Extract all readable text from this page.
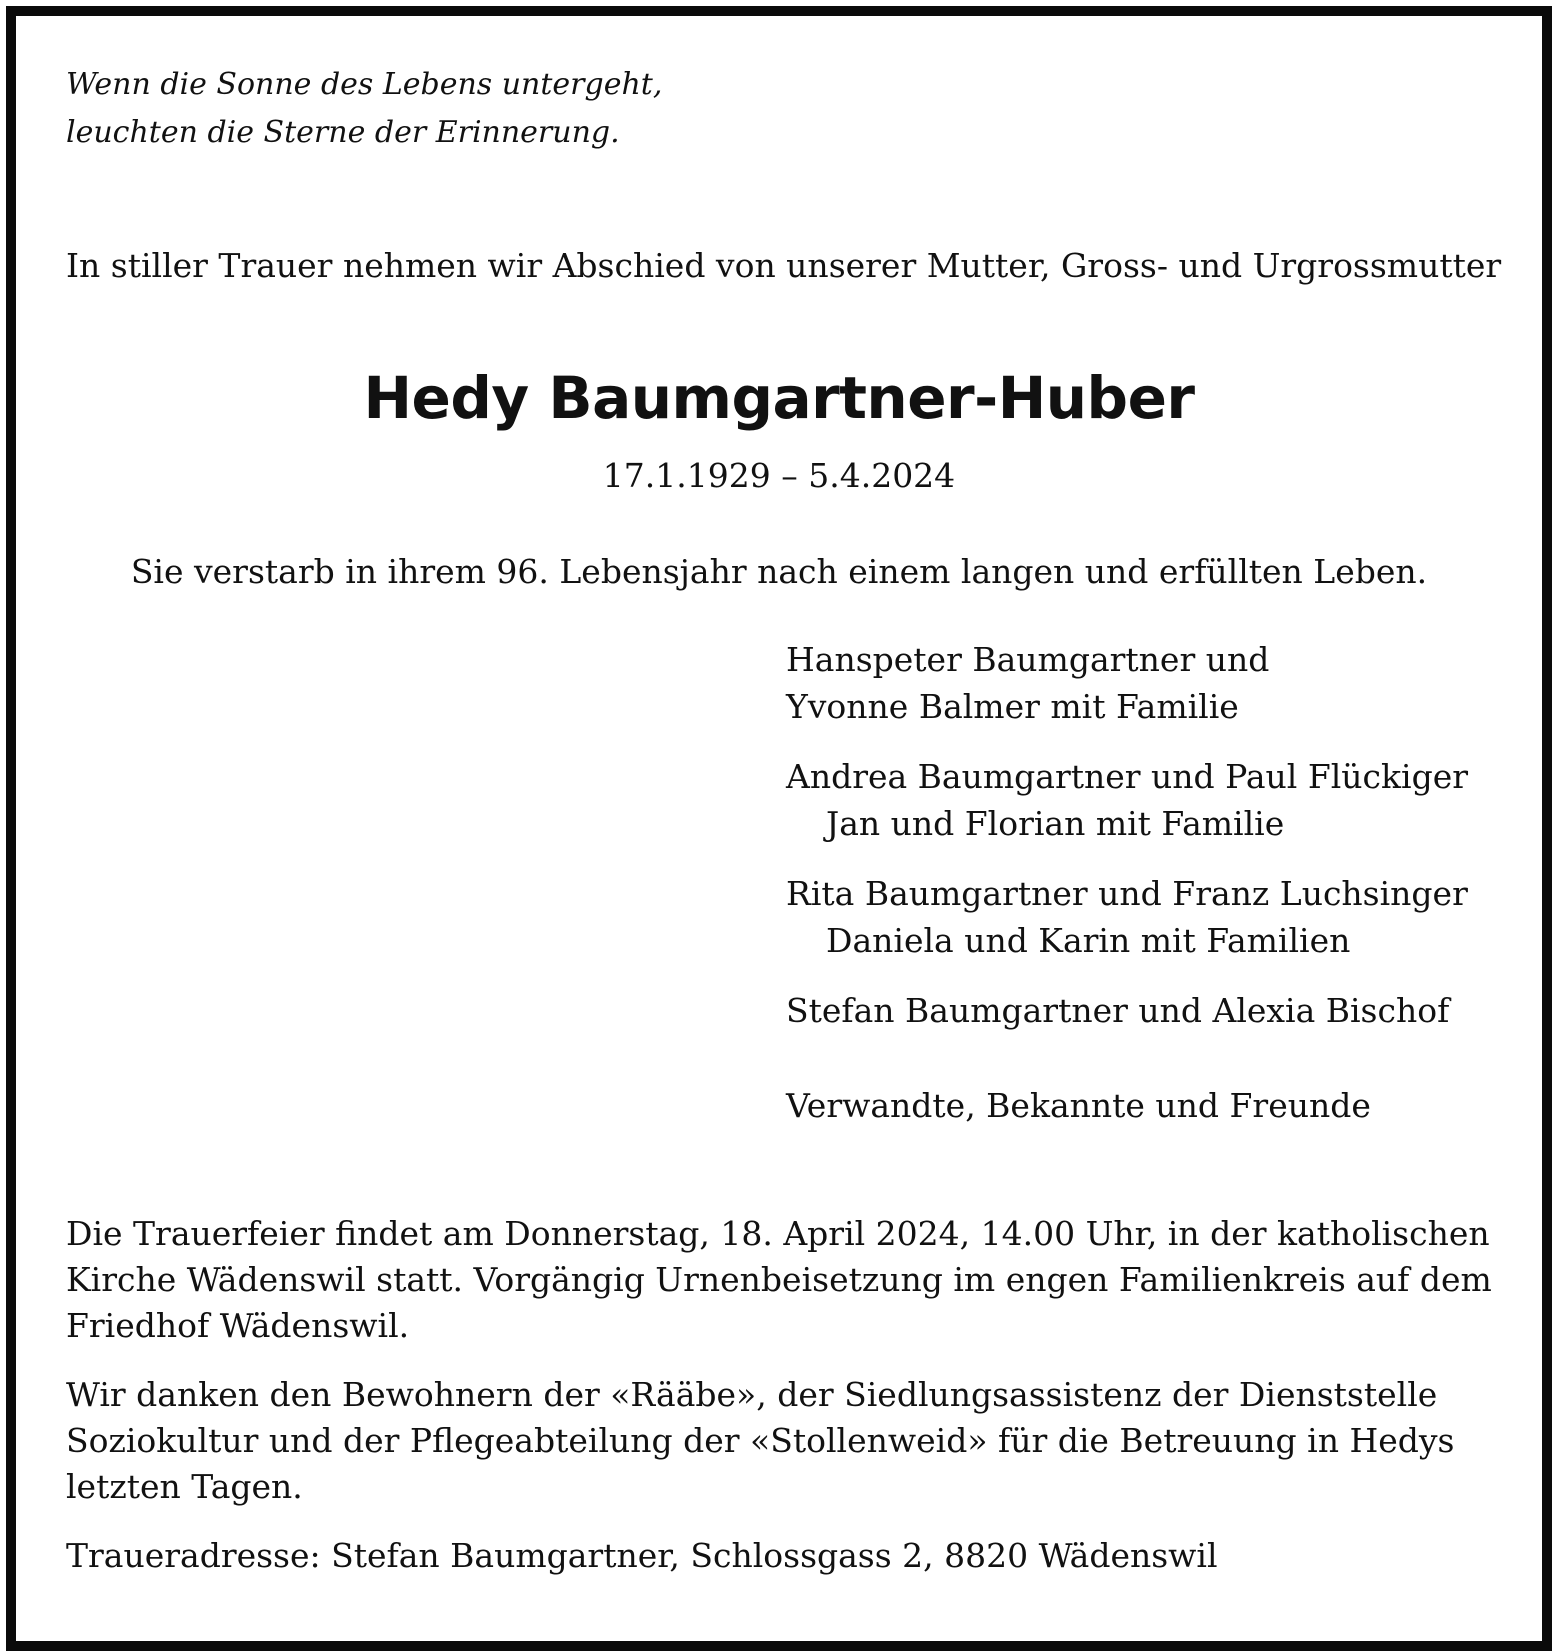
Wenn die Sonne des Lebens untergeht,
leuchten die Sterne der Erinnerung.
In stiller Trauer nehmen wir Abschied von unserer Mutter, Gross- und Urgrossmutter
Hedy Baumgartner-Huber
17.1.1929 – 5.4.2024
Sie verstarb in ihrem 96. Lebensjahr nach einem langen und erfüllten Leben.
Hanspeter Baumgartner und
Yvonne Balmer mit Familie
Andrea Baumgartner und Paul Flückiger
Jan und Florian mit Familie
Rita Baumgartner und Franz Luchsinger
Daniela und Karin mit Familien
Stefan Baumgartner und Alexia Bischof
Verwandte, Bekannte und Freunde

Die Trauerfeier findet am Donnerstag, 18. April 2024, 14.00 Uhr, in der katholischen Kirche Wädenswil statt. Vorgängig Urnenbeisetzung im engen Familienkreis auf dem Friedhof Wädenswil.

Wir danken den Bewohnern der «Rääbe», der Siedlungsassistenz der Dienststelle Soziokultur und der Pflegeabteilung der «Stollenweid» für die Betreuung in Hedys letzten Tagen.

Traueradresse: Stefan Baumgartner, Schlossgass 2, 8820 Wädenswil
